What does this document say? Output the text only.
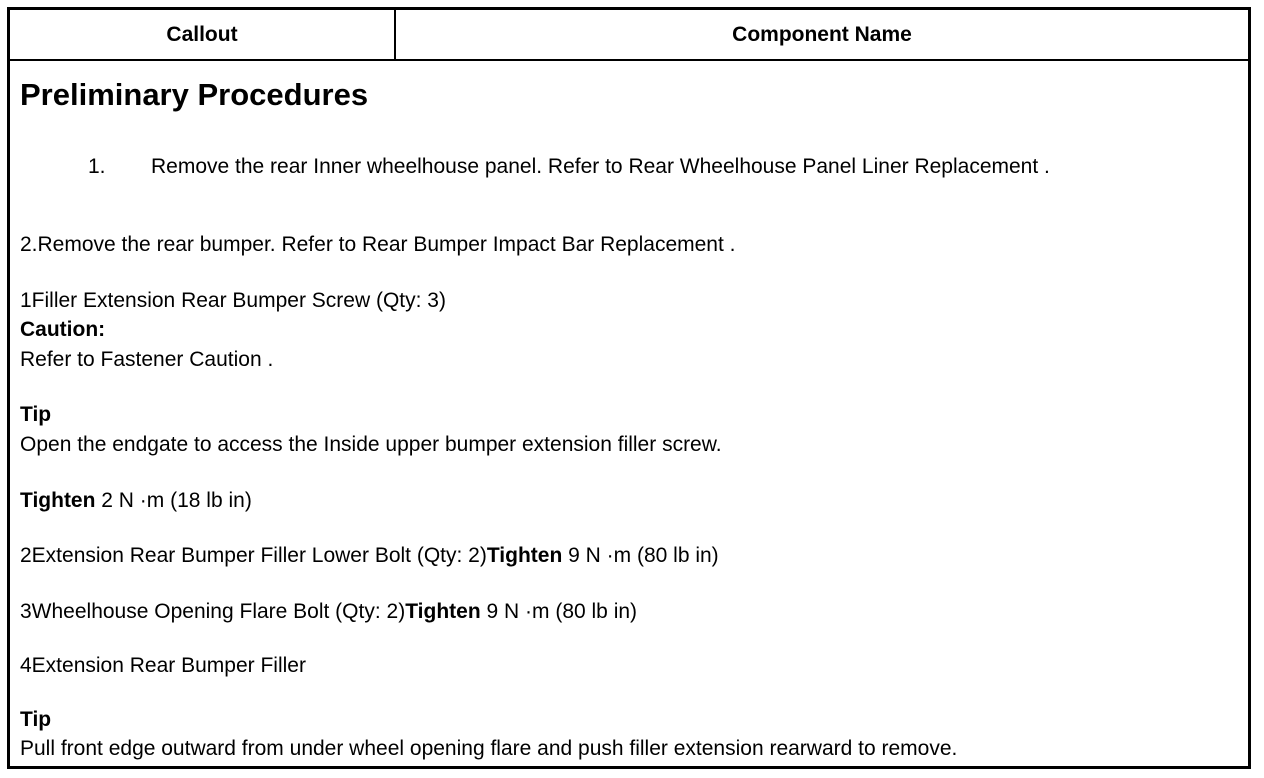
Callout	Component Name
Preliminary Procedures
1. Remove the rear Inner wheelhouse panel. Refer to Rear Wheelhouse Panel Liner Replacement .
2.Remove the rear bumper. Refer to Rear Bumper Impact Bar Replacement .
1Filler Extension Rear Bumper Screw (Qty: 3)
Caution:
Refer to Fastener Caution .
Tip
Open the endgate to access the Inside upper bumper extension filler screw.
Tighten 2 N ·m (18 lb in)
2Extension Rear Bumper Filler Lower Bolt (Qty: 2)Tighten 9 N ·m (80 lb in)
3Wheelhouse Opening Flare Bolt (Qty: 2)Tighten 9 N ·m (80 lb in)
4Extension Rear Bumper Filler
Tip
Pull front edge outward from under wheel opening flare and push filler extension rearward to remove.
